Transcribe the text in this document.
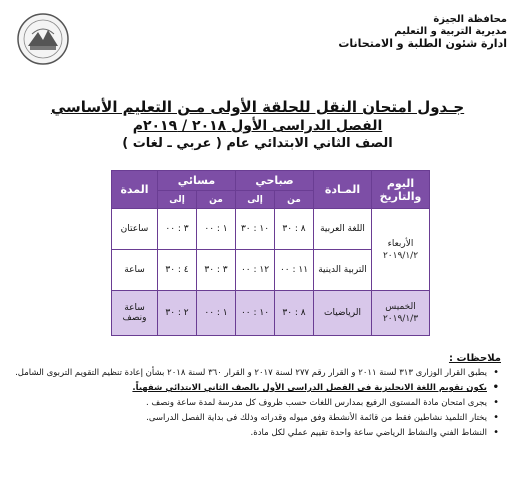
محافظة الجيزة
مديرية التربية و التعليم
ادارة شئون الطلبة و الامتحانات
جـدول امتحان النقل للحلقة الأولى مـن التعليم الأساسي
الفصل الدراسى الأول ٢٠١٨ / ٢٠١٩م
الصف الثاني الابتدائي عام ( عربي ـ لغات )
اليوم والتاريخ	المـادة	صباحي		مسائي		المدة
		من	إلى	من	إلى	

الأربعاء
٢٠١٩/١/٢	اللغة العربية	٨ : ٣٠	١٠ : ٣٠	١ : ٠٠	٣ : ٠٠	ساعتان
	التربية الدينية	١١ : ٠٠	١٢ : ٠٠	٣ : ٣٠	٤ : ٣٠	ساعة

الخميس
٢٠١٩/١/٣	الرياضيات	٨ : ٣٠	١٠ : ٠٠	١ : ٠٠	٢ : ٣٠	ساعة ونصف
ملاحظات :
• يطبق القرار الوزارى ٣١٣ لسنة ٢٠١١ و القرار رقم ٢٧٧ لسنة ٢٠١٧ و القرار ٣٦٠ لسنة ٢٠١٨ بشأن إعادة تنظيم التقويم التربوى الشامل.
• يكون تقويم اللغة الانجليزية فى الفصل الدراسى الأول بالصف الثاني الابتدائي شفهياً.
• يجرى امتحان مادة المستوى الرفيع بمدارس اللغات حسب ظروف كل مدرسة لمدة ساعة ونصف .
• يختار التلميذ نشاطين فقط من قائمة الأنشطة وفق ميوله وقدراته وذلك فى بداية الفصل الدراسى.
• النشاط الفني والنشاط الرياضي ساعة واحدة تقييم عملي لكل مادة.
